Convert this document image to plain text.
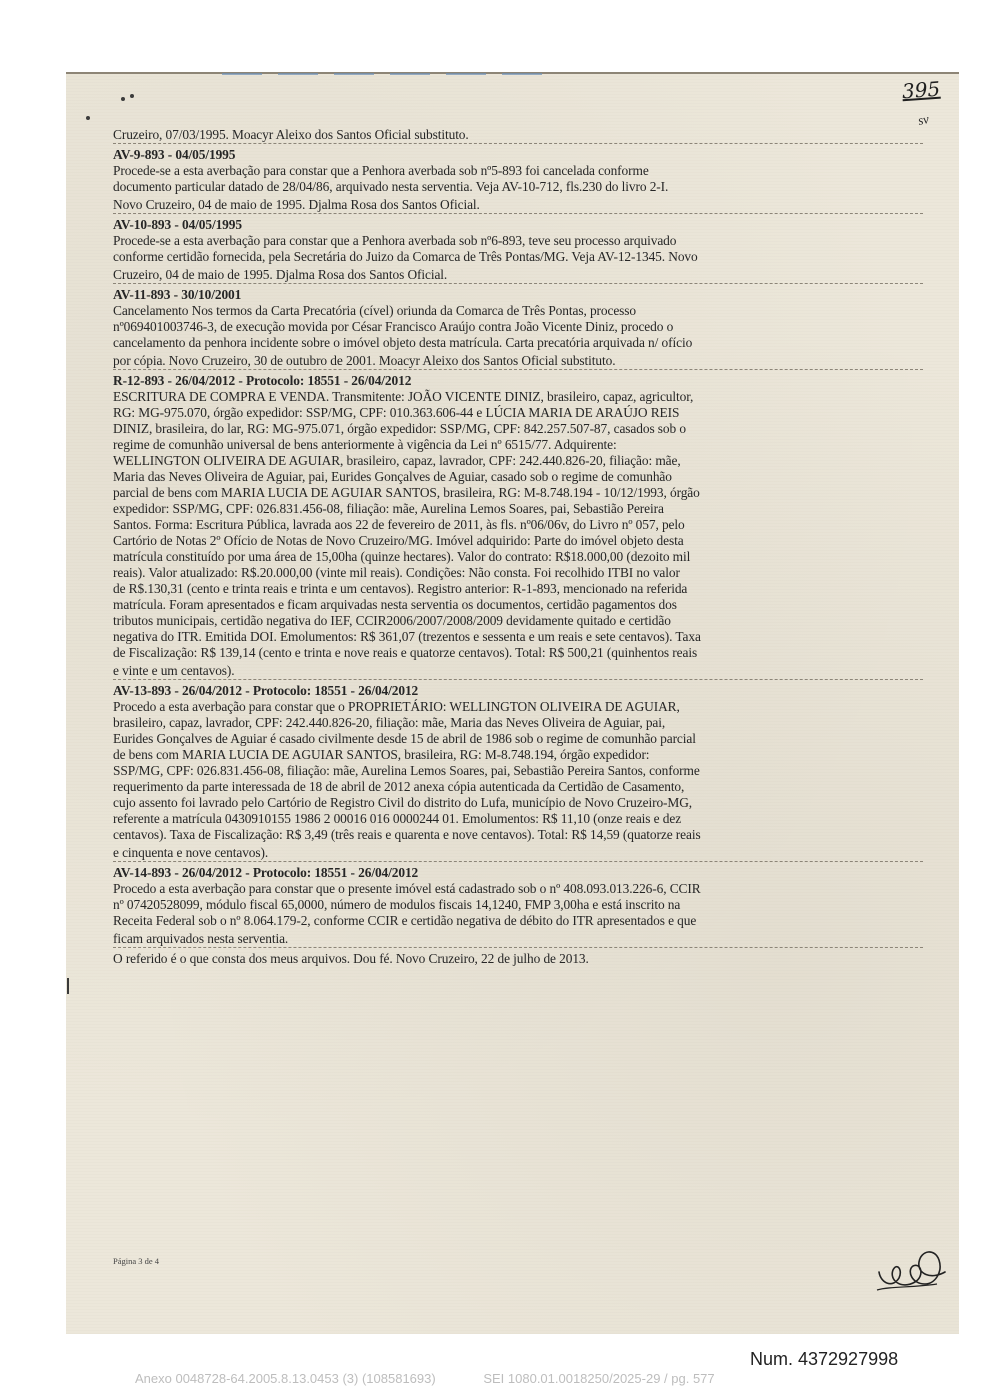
395
sv
Cruzeiro, 07/03/1995. Moacyr Aleixo dos Santos Oficial substituto.
AV-9-893 - 04/05/1995
Procede-se a esta averbação para constar que a Penhora averbada sob nº5-893 foi cancelada conforme
documento particular datado de 28/04/86, arquivado nesta serventia. Veja AV-10-712, fls.230 do livro 2-I.
Novo Cruzeiro, 04 de maio de 1995. Djalma Rosa dos Santos Oficial.
AV-10-893 - 04/05/1995
Procede-se a esta averbação para constar que a Penhora averbada sob nº6-893, teve seu processo arquivado
conforme certidão fornecida, pela Secretária do Juizo da Comarca de Três Pontas/MG. Veja AV-12-1345. Novo
Cruzeiro, 04 de maio de 1995. Djalma Rosa dos Santos Oficial.
AV-11-893 - 30/10/2001
Cancelamento Nos termos da Carta Precatória (cível) oriunda da Comarca de Três Pontas, processo
nº069401003746-3, de execução movida por César Francisco Araújo contra João Vicente Diniz, procedo o
cancelamento da penhora incidente sobre o imóvel objeto desta matrícula. Carta precatória arquivada n/ ofício
por cópia. Novo Cruzeiro, 30 de outubro de 2001. Moacyr Aleixo dos Santos Oficial substituto.
R-12-893 - 26/04/2012 - Protocolo: 18551 - 26/04/2012
ESCRITURA DE COMPRA E VENDA. Transmitente: JOÃO VICENTE DINIZ, brasileiro, capaz, agricultor,
RG: MG-975.070, órgão expedidor: SSP/MG, CPF: 010.363.606-44 e LÚCIA MARIA DE ARAÚJO REIS
DINIZ, brasileira, do lar, RG: MG-975.071, órgão expedidor: SSP/MG, CPF: 842.257.507-87, casados sob o
regime de comunhão universal de bens anteriormente à vigência da Lei nº 6515/77. Adquirente:
WELLINGTON OLIVEIRA DE AGUIAR, brasileiro, capaz, lavrador, CPF: 242.440.826-20, filiação: mãe,
Maria das Neves Oliveira de Aguiar, pai, Eurides Gonçalves de Aguiar, casado sob o regime de comunhão
parcial de bens com MARIA LUCIA DE AGUIAR SANTOS, brasileira, RG: M-8.748.194 - 10/12/1993, órgão
expedidor: SSP/MG, CPF: 026.831.456-08, filiação: mãe, Aurelina Lemos Soares, pai, Sebastião Pereira
Santos. Forma: Escritura Pública, lavrada aos 22 de fevereiro de 2011, às fls. nº06/06v, do Livro nº 057, pelo
Cartório de Notas 2º Ofício de Notas de Novo Cruzeiro/MG. Imóvel adquirido: Parte do imóvel objeto desta
matrícula constituído por uma área de 15,00ha (quinze hectares). Valor do contrato: R$18.000,00 (dezoito mil
reais). Valor atualizado: R$.20.000,00 (vinte mil reais). Condições: Não consta. Foi recolhido ITBI no valor
de R$.130,31 (cento e trinta reais e trinta e um centavos). Registro anterior: R-1-893, mencionado na referida
matrícula. Foram apresentados e ficam arquivadas nesta serventia os documentos, certidão pagamentos dos
tributos municipais, certidão negativa do IEF, CCIR2006/2007/2008/2009 devidamente quitado e certidão
negativa do ITR. Emitida DOI. Emolumentos: R$ 361,07 (trezentos e sessenta e um reais e sete centavos). Taxa
de Fiscalização: R$ 139,14 (cento e trinta e nove reais e quatorze centavos). Total: R$ 500,21 (quinhentos reais
e vinte e um centavos).
AV-13-893 - 26/04/2012 - Protocolo: 18551 - 26/04/2012
Procedo a esta averbação para constar que o PROPRIETÁRIO: WELLINGTON OLIVEIRA DE AGUIAR,
brasileiro, capaz, lavrador, CPF: 242.440.826-20, filiação: mãe, Maria das Neves Oliveira de Aguiar, pai,
Eurides Gonçalves de Aguiar é casado civilmente desde 15 de abril de 1986 sob o regime de comunhão parcial
de bens com MARIA LUCIA DE AGUIAR SANTOS, brasileira, RG: M-8.748.194, órgão expedidor:
SSP/MG, CPF: 026.831.456-08, filiação: mãe, Aurelina Lemos Soares, pai, Sebastião Pereira Santos, conforme
requerimento da parte interessada de 18 de abril de 2012 anexa cópia autenticada da Certidão de Casamento,
cujo assento foi lavrado pelo Cartório de Registro Civil do distrito do Lufa, município de Novo Cruzeiro-MG,
referente a matrícula 0430910155 1986 2 00016 016 0000244 01. Emolumentos: R$ 11,10 (onze reais e dez
centavos). Taxa de Fiscalização: R$ 3,49 (três reais e quarenta e nove centavos). Total: R$ 14,59 (quatorze reais
e cinquenta e nove centavos).
AV-14-893 - 26/04/2012 - Protocolo: 18551 - 26/04/2012
Procedo a esta averbação para constar que o presente imóvel está cadastrado sob o nº 408.093.013.226-6, CCIR
nº 07420528099, módulo fiscal 65,0000, número de modulos fiscais 14,1240, FMP 3,00ha e está inscrito na
Receita Federal sob o nº 8.064.179-2, conforme CCIR e certidão negativa de débito do ITR apresentados e que
ficam arquivados nesta serventia.
O referido é o que consta dos meus arquivos. Dou fé. Novo Cruzeiro, 22 de julho de 2013.
Página 3 de 4
Num. 4372927998
Anexo 0048728-64.2005.8.13.0453 (3) (108581693)	SEI 1080.01.0018250/2025-29 / pg. 577
